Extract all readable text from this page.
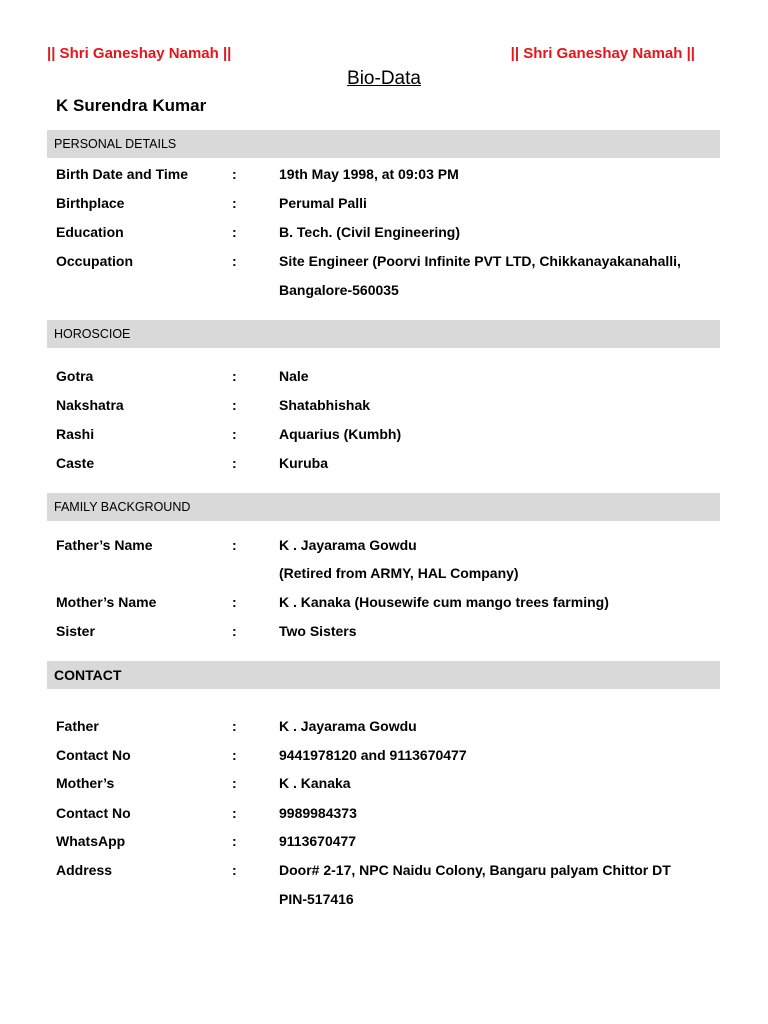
|| Shri Ganeshay Namah ||	|| Shri Ganeshay Namah ||
Bio-Data
K Surendra Kumar
PERSONAL DETAILS
Birth Date and Time	:	19th May 1998, at 09:03 PM
Birthplace	:	Perumal Palli
Education	:	B. Tech. (Civil Engineering)
Occupation	:	Site Engineer (Poorvi Infinite PVT LTD, Chikkanayakanahalli,
Bangalore-560035
HOROSCIOE
Gotra	:	Nale
Nakshatra	:	Shatabhishak
Rashi	:	Aquarius (Kumbh)
Caste	:	Kuruba
FAMILY BACKGROUND
Father’s Name	:	K . Jayarama Gowdu
(Retired from ARMY, HAL Company)
Mother’s Name	:	K . Kanaka (Housewife cum mango trees farming)
Sister	:	Two Sisters
CONTACT
Father	:	K . Jayarama Gowdu
Contact No	:	9441978120 and 9113670477
Mother’s	:	K . Kanaka
Contact No	:	9989984373
WhatsApp	:	9113670477
Address	:	Door# 2-17, NPC Naidu Colony, Bangaru palyam Chittor DT
PIN-517416
